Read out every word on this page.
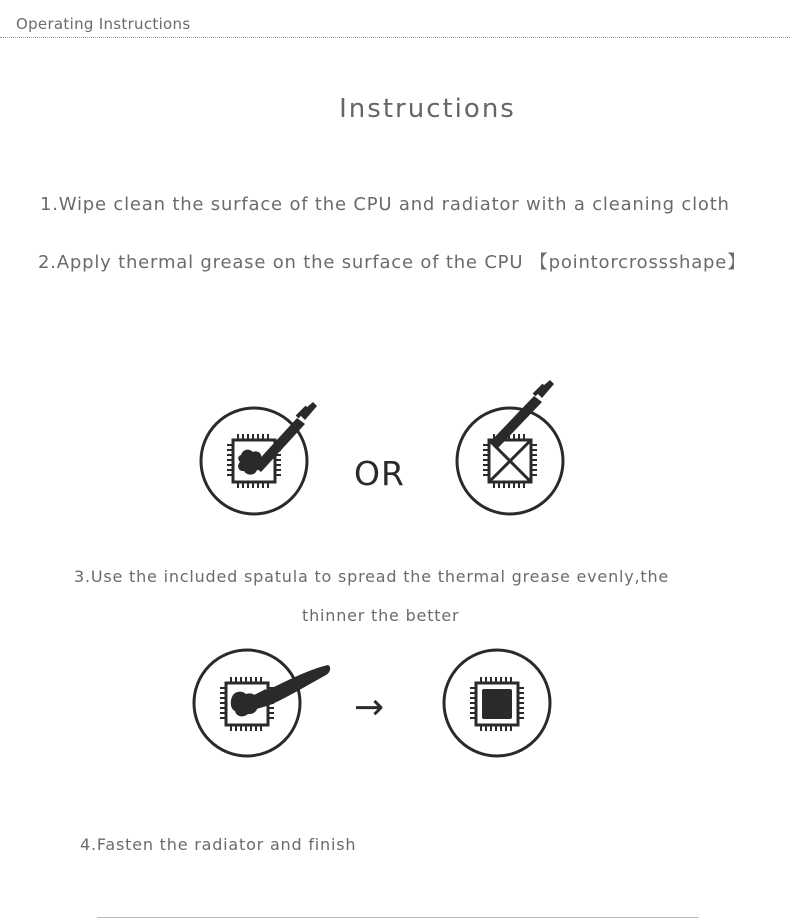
Operating Instructions
Instructions
1.Wipe clean the surface of the CPU and radiator with a cleaning cloth
2.Apply thermal grease on the surface of the CPU 【pointorcrossshape】
OR
3.Use the included spatula to spread the thermal grease evenly,the
thinner the better
→
4.Fasten the radiator and finish
